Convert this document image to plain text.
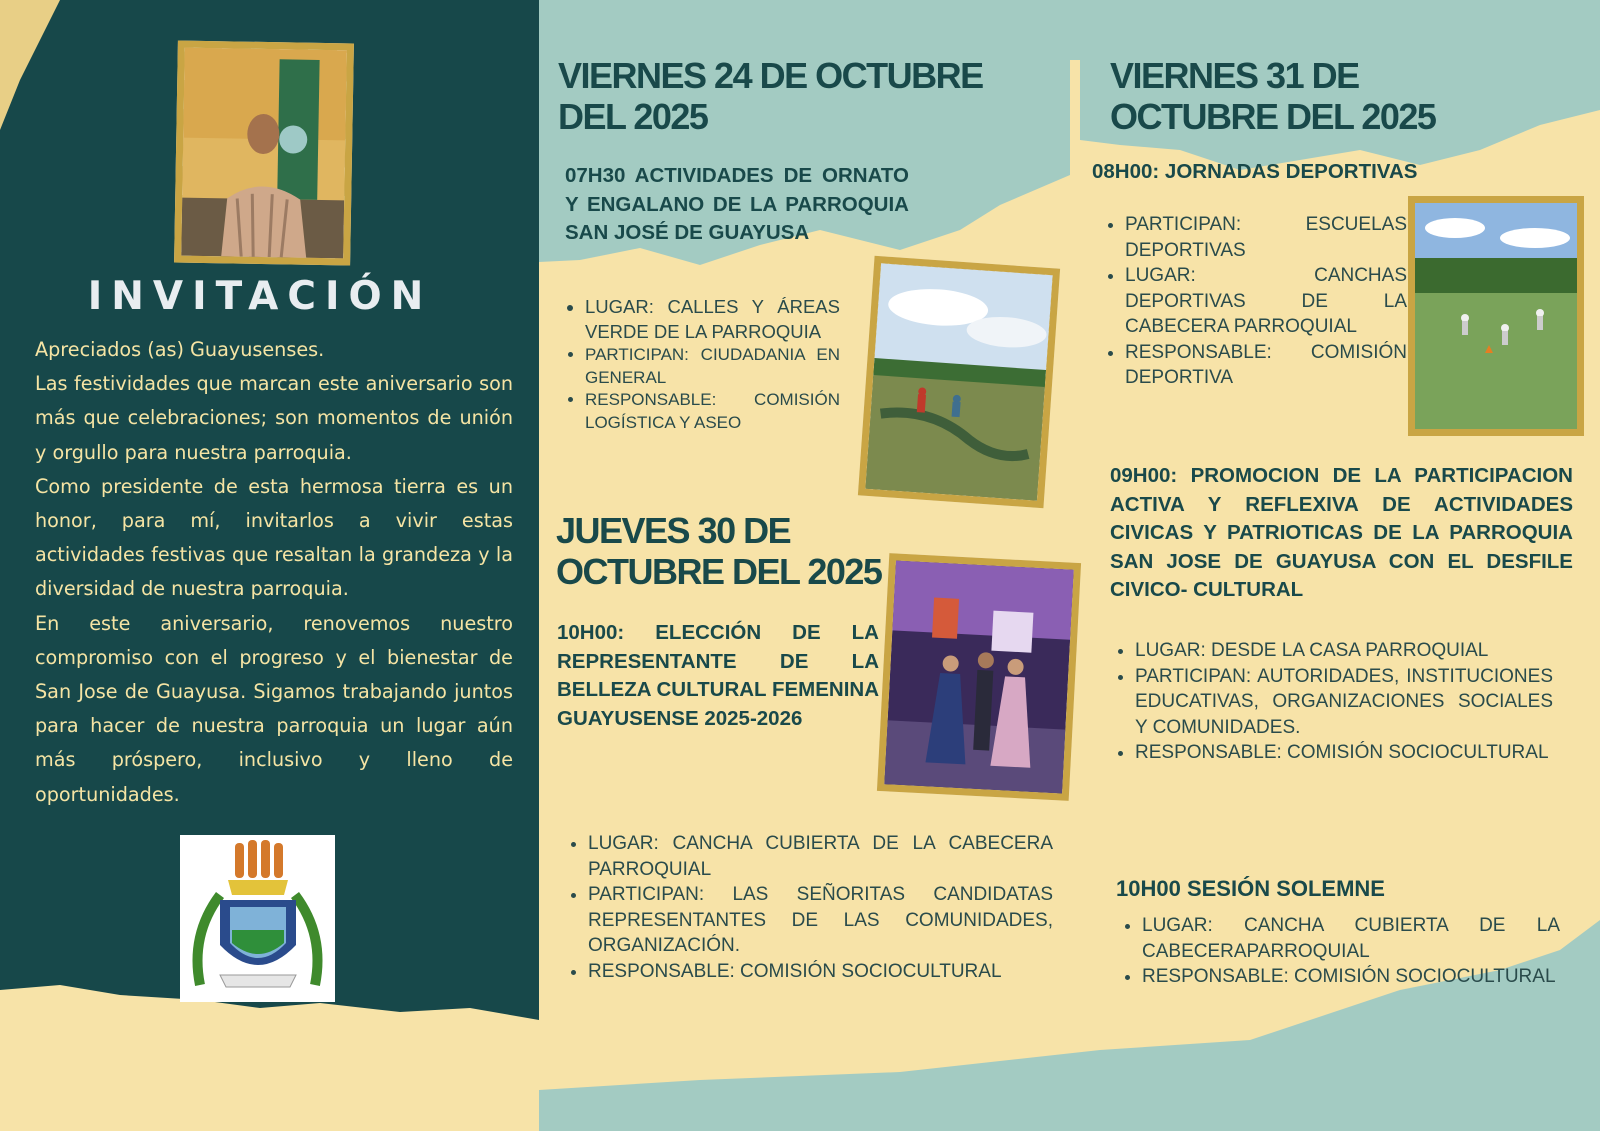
INVITACIÓN

Apreciados (as) Guayusenses.

Las festividades que marcan este aniversario son más que celebraciones; son momentos de unión y orgullo para nuestra parroquia.

Como presidente de esta hermosa tierra es un honor, para mí, invitarlos a vivir estas actividades festivas que resaltan la grandeza y la diversidad de nuestra parroquia.

En este aniversario, renovemos nuestro compromiso con el progreso y el bienestar de San Jose de Guayusa. Sigamos trabajando juntos para hacer de nuestra parroquia un lugar aún más próspero, inclusivo y lleno de oportunidades.

VIERNES 24 DE OCTUBRE DEL 2025
07H30 ACTIVIDADES DE ORNATO Y ENGALANO DE LA PARROQUIA SAN JOSÉ DE GUAYUSA
• LUGAR: CALLES Y ÁREAS VERDE DE LA PARROQUIA
• PARTICIPAN: CIUDADANIA EN GENERAL
• RESPONSABLE: COMISIÓN LOGÍSTICA Y ASEO
JUEVES 30 DE OCTUBRE DEL 2025
10H00: ELECCIÓN DE LA REPRESENTANTE DE LA BELLEZA CULTURAL FEMENINA GUAYUSENSE 2025-2026
• LUGAR: CANCHA CUBIERTA DE LA CABECERA PARROQUIAL
• PARTICIPAN: LAS SEÑORITAS CANDIDATAS REPRESENTANTES DE LAS COMUNIDADES, ORGANIZACIÓN.
• RESPONSABLE: COMISIÓN SOCIOCULTURAL
VIERNES 31 DE OCTUBRE DEL 2025
08H00: JORNADAS DEPORTIVAS
• PARTICIPAN: ESCUELAS DEPORTIVAS
• LUGAR: CANCHAS DEPORTIVAS DE LA CABECERA PARROQUIAL
• RESPONSABLE: COMISIÓN DEPORTIVA
09H00: PROMOCION DE LA PARTICIPACION ACTIVA Y REFLEXIVA DE ACTIVIDADES CIVICAS Y PATRIOTICAS DE LA PARROQUIA SAN JOSE DE GUAYUSA CON EL DESFILE CIVICO- CULTURAL
• LUGAR: DESDE LA CASA PARROQUIAL
• PARTICIPAN: AUTORIDADES, INSTITUCIONES EDUCATIVAS, ORGANIZACIONES SOCIALES Y COMUNIDADES.
• RESPONSABLE: COMISIÓN SOCIOCULTURAL
10H00 SESIÓN SOLEMNE
• LUGAR: CANCHA CUBIERTA DE LA CABECERAPARROQUIAL
• RESPONSABLE: COMISIÓN SOCIOCULTURAL
